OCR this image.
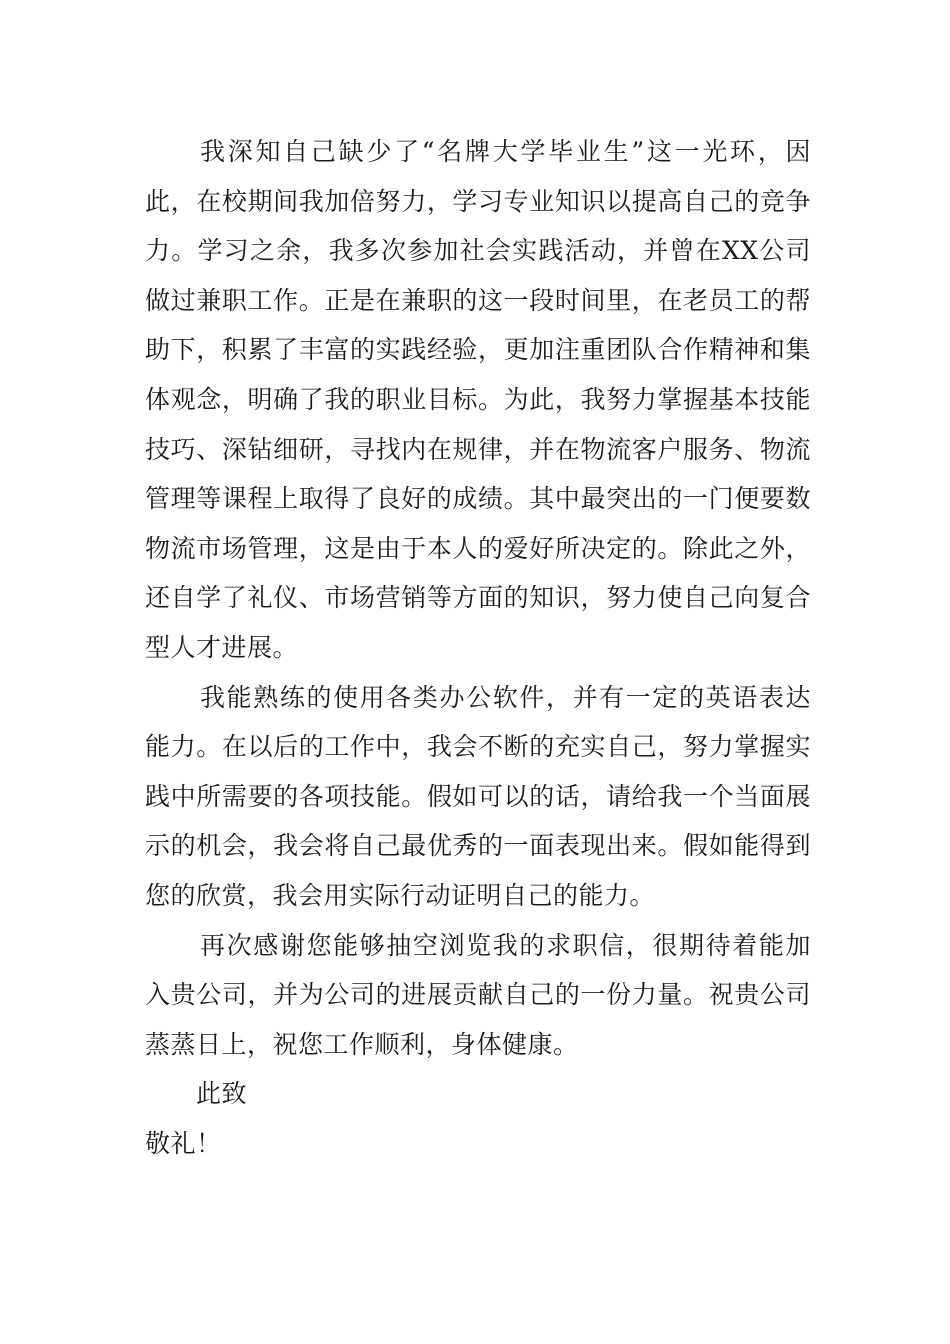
我深知自己缺少了“名牌大学毕业生”这一光环，因此，在校期间我加倍努力，学习专业知识以提高自己的竞争力。学习之余，我多次参加社会实践活动，并曾在XX公司做过兼职工作。正是在兼职的这一段时间里，在老员工的帮助下，积累了丰富的实践经验，更加注重团队合作精神和集体观念，明确了我的职业目标。为此，我努力掌握基本技能技巧、深钻细研，寻找内在规律，并在物流客户服务、物流管理等课程上取得了良好的成绩。其中最突出的一门便要数物流市场管理，这是由于本人的爱好所决定的。除此之外，还自学了礼仪、市场营销等方面的知识，努力使自己向复合型人才进展。

我能熟练的使用各类办公软件，并有一定的英语表达能力。在以后的工作中，我会不断的充实自己，努力掌握实践中所需要的各项技能。假如可以的话，请给我一个当面展示的机会，我会将自己最优秀的一面表现出来。假如能得到您的欣赏，我会用实际行动证明自己的能力。

再次感谢您能够抽空浏览我的求职信，很期待着能加入贵公司，并为公司的进展贡献自己的一份力量。祝贵公司蒸蒸日上，祝您工作顺利，身体健康。

此致

敬礼！
